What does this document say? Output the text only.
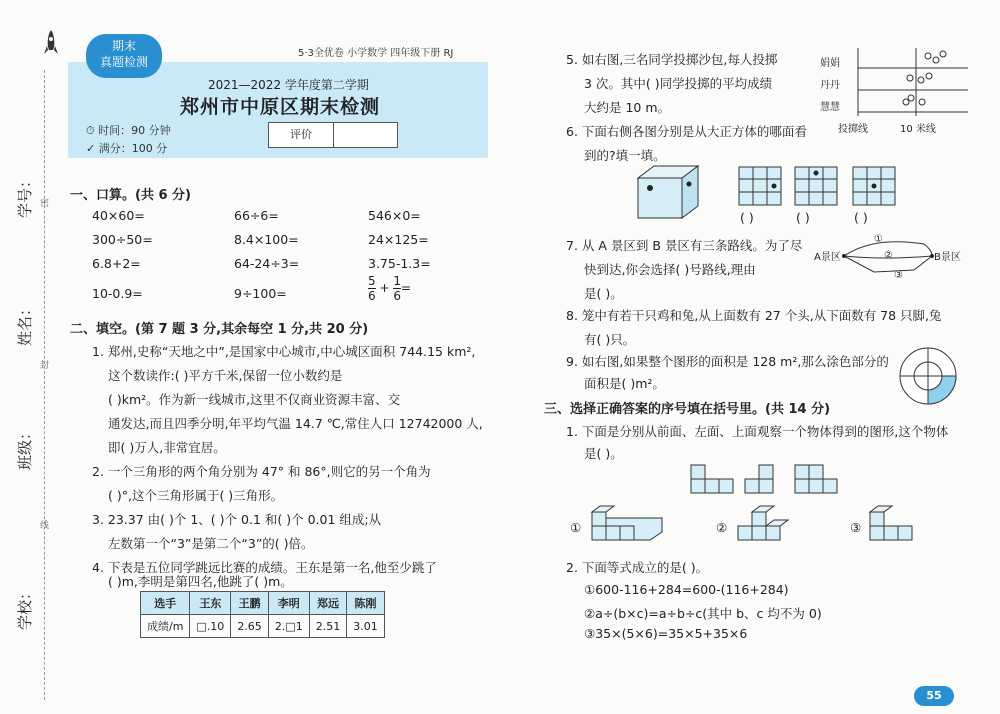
学号：
姓名：
班级：
学校：
密
封
线
期末
真题检测
5·3全优卷 小学数学 四年级下册 RJ
2021—2022 学年度第二学期
郑州市中原区期末检测
⏱ 时间：90 分钟
✓ 满分：100 分
评价
一、口算。(共 6 分)
40×60=	66÷6=	546×0=
300÷50=	8.4×100=	24×125=
6.8+2=	64-24÷3=	3.75-1.3=
10-0.9=	9÷100=	$\frac{5}{6} + \frac{1}{6}$ =
二、填空。(第 7 题 3 分,其余每空 1 分,共 20 分)
1. 郑州,史称“天地之中”,是国家中心城市,中心城区面积 744.15 km²,
这个数读作:( )平方千米,保留一位小数约是
( )km²。作为新一线城市,这里不仅商业资源丰富、交
通发达,而且四季分明,年平均气温 14.7 ℃,常住人口 12742000 人,
即( )万人,非常宜居。
2. 一个三角形的两个角分别为 47° 和 86°,则它的另一个角为
( )°,这个三角形属于( )三角形。
3. 23.37 由( )个 1、( )个 0.1 和( )个 0.01 组成;从
左数第一个“3”是第二个“3”的( )倍。
4. 下表是五位同学跳远比赛的成绩。王东是第一名,他至少跳了
( )m,李明是第四名,他跳了( )m。
选手	王东	王鹏	李明	郑远	陈刚
成绩/m	□.10	2.65	2.□1	2.51	3.01
5. 如右图,三名同学投掷沙包,每人投掷
3 次。其中( )同学投掷的平均成绩
大约是 10 m。
娟娟
丹丹
慧慧
投掷线	10 米线
6. 下面右侧各图分别是从大正方体的哪面看
到的?填一填。
( )	( )	( )
7. 从 A 景区到 B 景区有三条路线。为了尽
快到达,你会选择( )号路线,理由
是( )。
A景区	B景区
①
②
③
8. 笼中有若干只鸡和兔,从上面数有 27 个头,从下面数有 78 只脚,兔
有( )只。
9. 如右图,如果整个图形的面积是 128 m²,那么涂色部分的
面积是( )m²。
三、选择正确答案的序号填在括号里。(共 14 分)
1. 下面是分别从前面、左面、上面观察一个物体得到的图形,这个物体
是( )。
①	②	③
2. 下面等式成立的是( )。
①600-116+284=600-(116+284)
②a÷(b×c)=a÷b÷c(其中 b、c 均不为 0)
③35×(5×6)=35×5+35×6
55
